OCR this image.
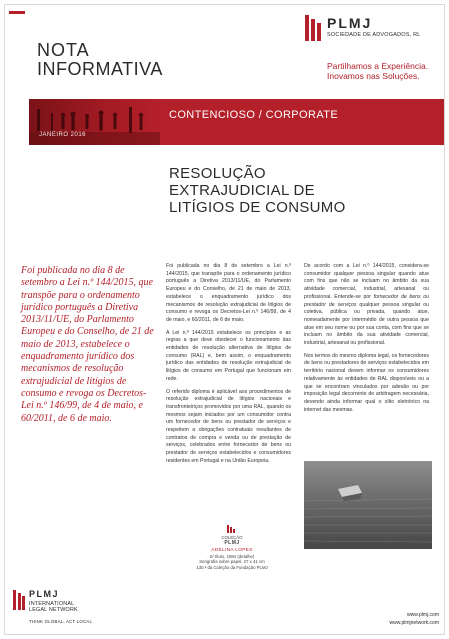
NOTA
INFORMATIVA
PLMJ
SOCIEDADE DE ADVOGADOS, RL
Partilhamos a Experiência.
Inovamos nas Soluções.
JANEIRO 2016
CONTENCIOSO / CORPORATE
RESOLUÇÃO
EXTRAJUDICIAL DE
LITÍGIOS DE CONSUMO
Foi publicada no dia 8 de setembro a Lei n.º 144/2015, que transpõe para o ordenamento jurídico português a Diretiva 2013/11/UE, do Parlamento Europeu e do Conselho, de 21 de maio de 2013, estabelece o enquadramento jurídico dos mecanismos de resolução extrajudicial de litígios de consumo e revoga os Decretos-Lei n.º 146/99, de 4 de maio, e 60/2011, de 6 de maio.

Foi publicada no dia 8 de setembro a Lei n.º 144/2015, que transpõe para o ordenamento jurídico português a Diretiva 2013/11/UE, do Parlamento Europeu e do Conselho, de 21 de maio de 2013, estabelece o enquadramento jurídico dos mecanismos de resolução extrajudicial de litígios de consumo e revoga os Decretos-Lei n.º 146/99, de 4 de maio, e 60/2011, de 6 de maio.

A Lei n.º 144/2015 estabelece os princípios e as regras a que deve obedecer o funcionamento das entidades de resolução alternativa de litígios de consumo (RAL) e, bem assim, o enquadramento jurídico das entidades de resolução extrajudicial de litígios de consumo em Portugal que funcionam em rede.

O referido diploma é aplicável aos procedimentos de resolução extrajudicial de litígios nacionais e transfronteiriços promovidos por uma RAL, quando os mesmos sejam iniciados por um consumidor contra um fornecedor de bens ou prestador de serviços e respeitem a obrigações contratuais resultantes de contratos de compra e venda ou de prestação de serviços, celebrados entre fornecedor de bens ou prestador de serviços estabelecidos e consumidores residentes em Portugal e na União Europeia.

De acordo com a Lei n.º 144/2015, considera-se consumidor qualquer pessoa singular quando atue com fins que não se incluam no âmbito da sua atividade comercial, industrial, artesanal ou profissional. Entende-se por fornecedor de bens ou prestador de serviços qualquer pessoa singular ou coletiva, pública ou privada, quando atue, nomeadamente por intermédio de outra pessoa que atue em seu nome ou por sua conta, com fins que se incluam no âmbito da sua atividade comercial, industrial, artesanal ou profissional.

Nos termos do mesmo diploma legal, os fornecedores de bens ou prestadores de serviços estabelecidos em território nacional devem informar os consumidores relativamente às entidades de RAL disponíveis ou a que se encontram vinculados por adesão ou por imposição legal decorrente de arbitragem necessária, devendo ainda informar qual o sítio eletrónico na internet das mesmas.

COLEÇÃO
PLMJ
ADELINA LOPES
S/ título, 1984 (detalhe)
Serigrafia sobre papel, 27 x 41 cm
130.ª da Coleção da Fundação PLMJ
PLMJ
INTERNATIONAL
LEGAL NETWORK
THINK GLOBAL, ACT LOCAL
www.plmj.com
www.plmjnetwork.com
